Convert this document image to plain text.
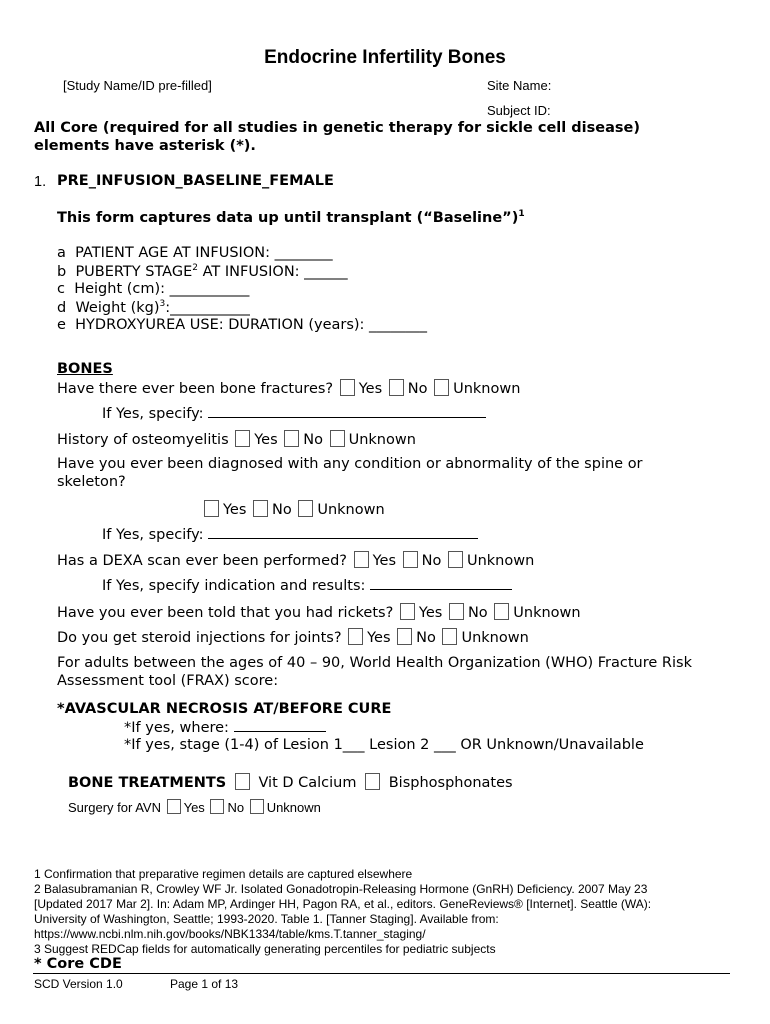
Endocrine Infertility Bones
[Study Name/ID pre-filled]	Site Name:
Subject ID:
All Core (required for all studies in genetic therapy for sickle cell disease) elements have asterisk (*).
1. PRE_INFUSION_BASELINE_FEMALE
This form captures data up until transplant (“Baseline”)$^1$
a PATIENT AGE AT INFUSION: ________
b PUBERTY STAGE$^2$ AT INFUSION: ______
c Height (cm): ___________
d Weight (kg)$^3$:___________
e HYDROXYUREA USE: DURATION (years): ________
BONES
Have there ever been bone fractures? Yes No Unknown
If Yes, specify:
History of osteomyelitis Yes No Unknown
Have you ever been diagnosed with any condition or abnormality of the spine or
skeleton?
Yes No Unknown
If Yes, specify:
Has a DEXA scan ever been performed? Yes No Unknown
If Yes, specify indication and results:
Have you ever been told that you had rickets? Yes No Unknown
Do you get steroid injections for joints? Yes No Unknown
For adults between the ages of 40 – 90, World Health Organization (WHO) Fracture Risk
Assessment tool (FRAX) score:
*AVASCULAR NECROSIS AT/BEFORE CURE
*If yes, where:
*If yes, stage (1-4) of Lesion 1___ Lesion 2 ___ OR Unknown/Unavailable
BONE TREATMENTS Vit D Calcium Bisphosphonates
Surgery for AVN Yes No Unknown
1 Confirmation that preparative regimen details are captured elsewhere
2 Balasubramanian R, Crowley WF Jr. Isolated Gonadotropin-Releasing Hormone (GnRH) Deficiency. 2007 May 23
[Updated 2017 Mar 2]. In: Adam MP, Ardinger HH, Pagon RA, et al., editors. GeneReviews® [Internet]. Seattle (WA):
University of Washington, Seattle; 1993-2020. Table 1. [Tanner Staging]. Available from:
https://www.ncbi.nlm.nih.gov/books/NBK1334/table/kms.T.tanner_staging/
3 Suggest REDCap fields for automatically generating percentiles for pediatric subjects
* Core CDE
SCD Version 1.0	Page 1 of 13
